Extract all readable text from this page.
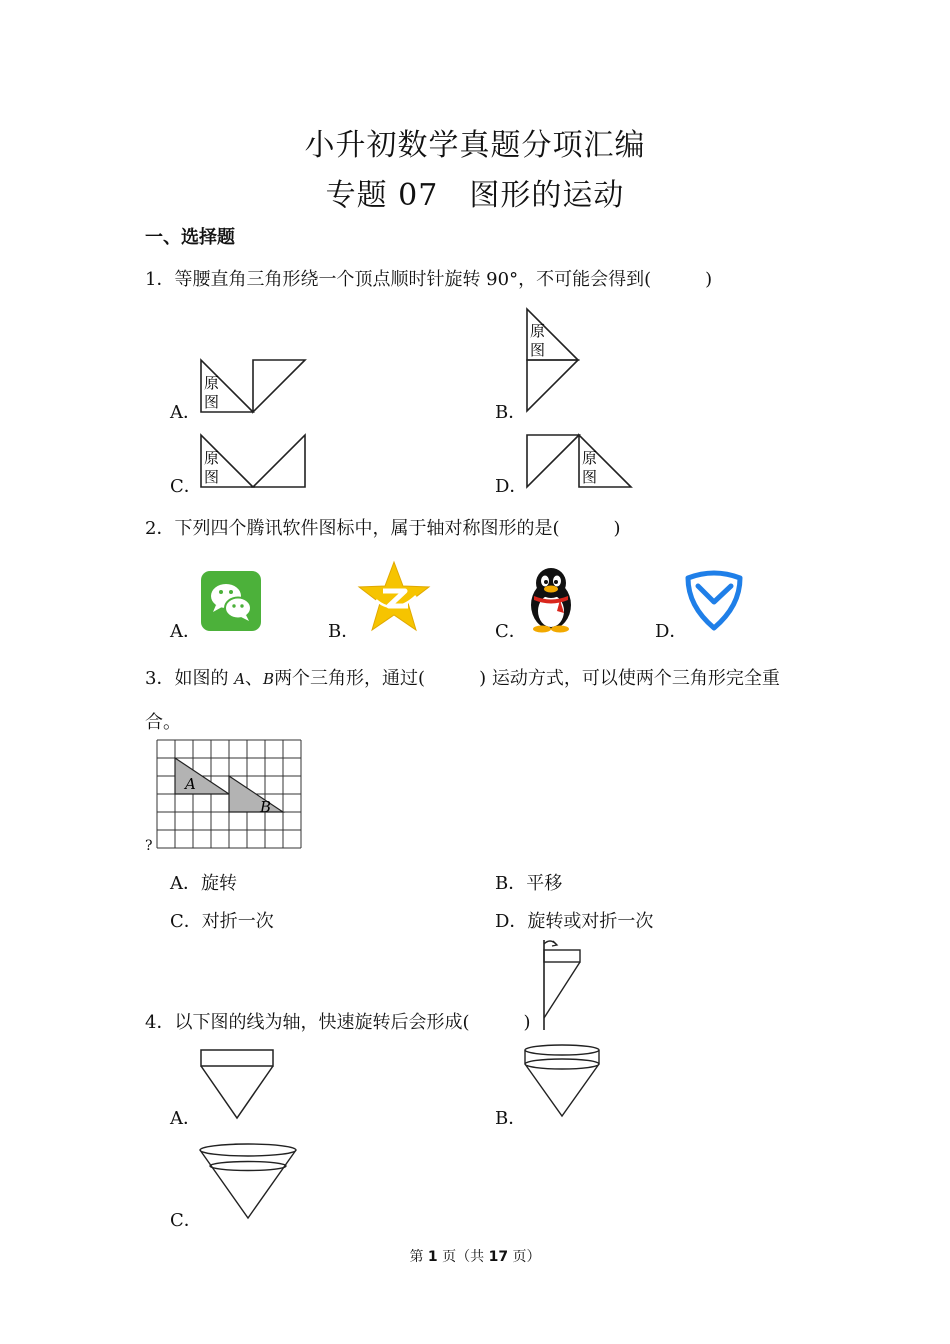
小升初数学真题分项汇编
专题 07　图形的运动
一、选择题
1．等腰直角三角形绕一个顶点顺时针旋转 90°，不可能会得到(　　　)
A．
原
图	B．
原
图
C．
原
图	D．
原
图
2．下列四个腾讯软件图标中，属于轴对称图形的是(　　　)
A．	B．	C．	D．
3．如图的 A、B两个三角形，通过(　　　) 运动方式，可以使两个三角形完全重
合。
A
B
?
A．旋转	B．平移
C．对折一次	D．旋转或对折一次
4．以下图的线为轴，快速旋转后会形成(　　　)
A．	B．
C．
第 1 页（共 17 页）
